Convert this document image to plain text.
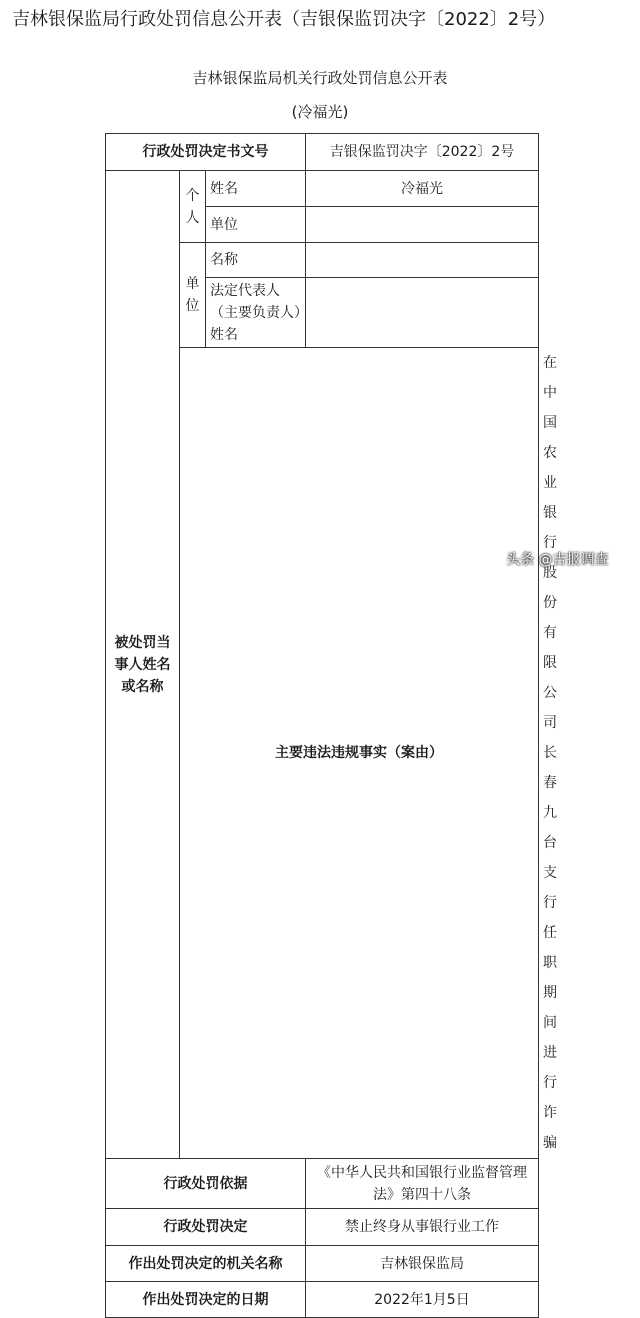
吉林银保监局行政处罚信息公开表（吉银保监罚决字〔2022〕2号）
吉林银保监局机关行政处罚信息公开表
(冷福光)
行政处罚决定书文号			吉银保监罚决字〔2022〕2号	
被处罚当事人姓名或名称	个人	姓名	冷福光	
		单位		
	单位	名称		
		法定代表人（主要负责人）姓名		
	主要违法违规事实（案由）			在中国农业银行股份有限公司长春九台支行任职期间进行诈骗
行政处罚依据			《中华人民共和国银行业监督管理法》第四十八条	
行政处罚决定			禁止终身从事银行业工作	
作出处罚决定的机关名称			吉林银保监局	
作出处罚决定的日期			2022年1月5日	
头条 @吉报调查
